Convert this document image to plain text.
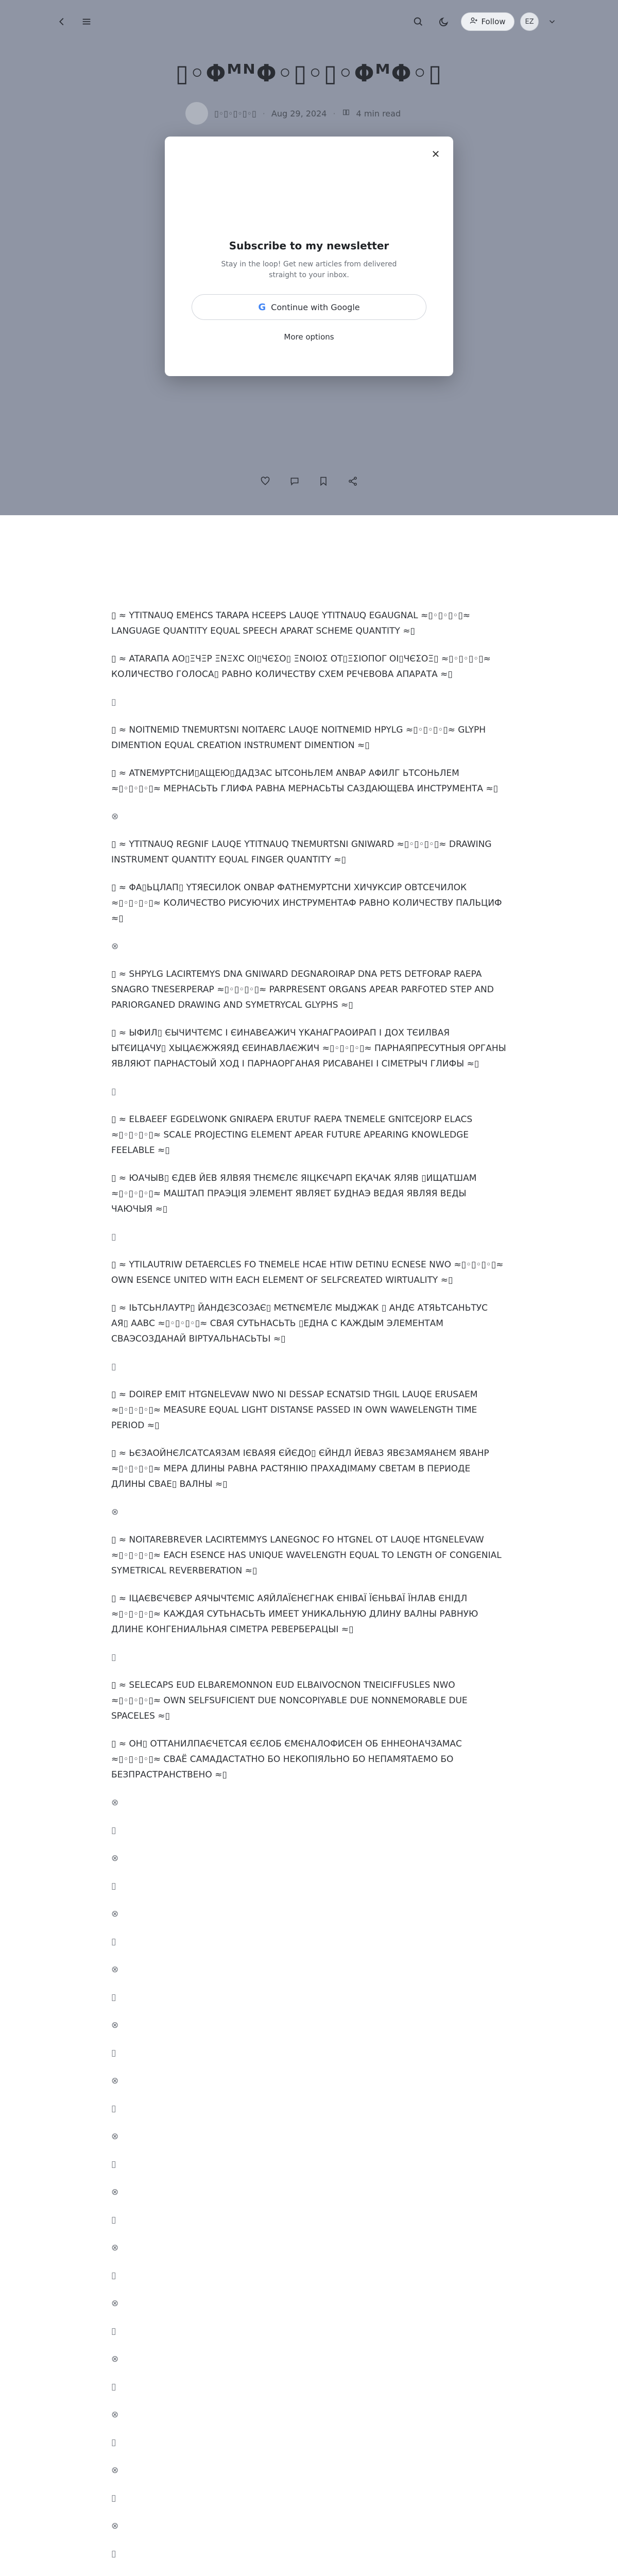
Follow	EZ
▯◦ΦᴹᴺΦ◦▯◦▯◦ΦᴹΦ◦▯
▯◦▯◦▯◦▯◦▯ · Aug 29, 2024 ·	4 min read
✕
Subscribe to my newsletter
Stay in the loop! Get new articles from delivered straight to your inbox.
G Continue with Google
More options

▯ ≈ YTITNAUQ EMEHCS TARAPA HCEEPS LAUQE YTITNAUQ EGAUGNAL ≈▯◦▯◦▯◦▯≈ LANGUAGE QUANTITY EQUAL SPEECH APARAT SCHEME QUANTITY ≈▯

▯ ≈ ATARAПА ΑΟ▯ΞЧΞΡ ΞΝΞΧС ΟΙ▯ЧЄΣΟ▯ ΞΝΟΙΟΣ ΟΤ▯ΞΣΙΟΠΟΓ ΟΙ▯ЧЄΣΟΞ▯ ≈▯◦▯◦▯◦▯≈ КОЛИЧЕСТВО ГОЛОСА▯ РАВНО КОЛИЧЕСТВУ СХЕМ РЕЧЕВОВА АПАРАТА ≈▯

▯

▯ ≈ NOITNEMID TNEMURTSNI NOITAERC LAUQE NOITNEMID HPYLG ≈▯◦▯◦▯◦▯≈ GLYPH DIMENTION EQUAL CREATION INSTRUMENT DIMENTION ≈▯

▯ ≈ ATNEMУРТСНИ▯ΑЩЕЮ▯ДАДЗАС ЫТСОНЬЛЕМ ΑΝΒΑΡ ΑΦИЛГ ЬТСΟНЬЛЕМ ≈▯◦▯◦▯◦▯≈ МЕРНАСЬТЬ ГЛИФА РАВНА МЕРНАСЬТЫ САЗДАЮЩЕВА ИНСТРУМЕНТА ≈▯

⊗

▯ ≈ YTITNAUQ REGNIF LAUQE YTITNAUQ TNEMURTSNI GNIWARD ≈▯◦▯◦▯◦▯≈ DRAWING INSTRUMENT QUANTITY EQUAL FINGER QUANTITY ≈▯

▯ ≈ ΦА▯ЬЦЛАП▯ ΥΤЯЕСИЛОК ΟΝВАР ФАТНЕМУРТСНИ ХИЧУКСИР ΟΒТСЕЧИЛОК ≈▯◦▯◦▯◦▯≈ КОЛИЧЕСТВО РИСУЮЧИХ ИНСТРУМЕНТАФ РАВНО КОЛИЧЕСТВУ ПАЛЬЦИФ ≈▯

⊗

▯ ≈ SHPYLG LACIRTEMYS DNA GNIWARD DEGNAROIRAP DNA PETS DETFORAP RAEPA SNAGRO TNESERPERAP ≈▯◦▯◦▯◦▯≈ PARPRESENT ORGANS APEAR PARFOTED STEP AND PARIORGANED DRAWING AND SYMETRYCAL GLYPHS ≈▯

▯ ≈ ЫФИЛ▯ ЄЫЧИЧТЄМС І ЄИНАВЄАЖИЧ ΥΚАНАГРАОИРАП І ДОХ ΤЄИЛВАЯ ЫТЄИЦАЧУ▯ ХЫЦАЄЖЖЯЯД ЄЕИНАВЛАЄЖИЧ ≈▯◦▯◦▯◦▯≈ ПАРНАЯПРЕСУТНЫЯ ОРГАНЫ ЯВЛЯЮТ ПАРНАСТОЫЙ ХОД І ПАРНАОРГАНАЯ РИСАВАНЕІ І СІМЕТРЫЧ ГЛИФЫ ≈▯

▯

▯ ≈ ELBAEEF EGDELWONK GNIRAEPA ERUTUF RAEPA TNEMELE GNITCEJORP ELACS ≈▯◦▯◦▯◦▯≈ SCALE PROJECTING ELEMENT APEAR FUTURE APEARING KNOWLEDGE FEELABLE ≈▯

▯ ≈ ЮАЧЫВ▯ ЄДЕВ ЙЕВ ЯЛВЯЯ ΤНЄМЄЛЄ ЯІЦКЄЧАРП ЕҚАЧАК ЯЛЯВ ▯ИЩАТШАМ ≈▯◦▯◦▯◦▯≈ МАШТАП ПРАЭЦІЯ ЭЛЕМЕНТ ЯВЛЯЕТ БУДНАЭ ВЕДАЯ ЯВЛЯЯ ВЕДЫ ЧАЮЧЫЯ ≈▯

▯

▯ ≈ YTILAUTRIW DETAERCLES FO TNEMELE HCAE HTIW DETINU ECNESE NWO ≈▯◦▯◦▯◦▯≈ OWN ESENCE UNITED WITH EACH ELEMENT OF SELFCREATED WIRTUALITY ≈▯

▯ ≈ ІЬТСЬНЛАУТР▯ ЙАНДЄЗСОЗАЄ▯ ΜЄΤΝЄΜΈЛЄ ΜЫДЖАК ▯ ΑНДЄ ΑΤЯЬТСΑНЬΤУС ΑЯ▯ ΑΑΒС ≈▯◦▯◦▯◦▯≈ СВАЯ СУТЬНАСЬТЬ ▯ЕДНА С КАЖДЫМ ЭЛЕМЕНТАМ СВАЭСОЗДАНАЙ ВІРТУАЛЬНАСЬТЬІ ≈▯

▯

▯ ≈ DOIREP EMIT HTGNELEVAW NWO NI DESSAP ECNATSID THGIL LAUQE ERUSAEM ≈▯◦▯◦▯◦▯≈ MEASURE EQUAL LIGHT DISTANSE PASSED IN OWN WAWELENGTH TIME PERIOD ≈▯

▯ ≈ ЬЄЗАОЙНЄЛСАТСАЯЗАМ ІЄВАЯЯ ЄЙЄДО▯ ЄЙНДЛ ЙЕВАЗ ЯВЄЗАМЯАНЄМ ЯВАНР ≈▯◦▯◦▯◦▯≈ МЕРА ДЛИНЫ РАВНА РАСТЯНІЮ ПРАХАДІМАМУ СВЕТАМ В ПЕРИОДЕ ДЛИНЫ СВАЕ▯ ВАЛНЫ ≈▯

⊗

▯ ≈ NOITAREBREVER LACIRTEMMYS LANEGNOC FO HTGNEL OT LAUQE HTGNELEVAW ≈▯◦▯◦▯◦▯≈ EACH ESENCE HAS UNIQUE WAVELENGTH EQUAL TO LENGTH OF CONGENIAL SYMETRICAL REVERBERATION ≈▯

▯ ≈ ІЦАЄВЄЧЄВЄР ΑЯЧЫЧТЄМІС ΑЯЙЛАЇЄНЄГНАК ЄНІВАЇ ЇЄНЬВАЇ ЇНЛАВ ЄНІДЛ ≈▯◦▯◦▯◦▯≈ КАЖДАЯ СУТЬНАСЬТЬ ИМЕЕТ УНИКАЛЬНУЮ ДЛИНУ ВАЛНЫ РАВНУЮ ДЛИНЕ КОНГЕНИАЛЬНАЯ СІМЕТРА РЕВЕРБЕРАЦЫІ ≈▯

▯

▯ ≈ SELECAPS EUD ELBAREMONNON EUD ELBAIVOCNON TNEICIFFUSLES NWO ≈▯◦▯◦▯◦▯≈ OWN SELFSUFICIENT DUE NONCOPIYABLE DUE NONNEMORABLE DUE SPACELES ≈▯

▯ ≈ ОН▯ ОТТАНИЛПАЄЧЕТСАЯ ЄЄЛОБ ЄМЄНАЛОФИСЕН ОБ ЕННЕОНАЧЗАМАС ≈▯◦▯◦▯◦▯≈ СВАЁ САМАДАСТАТНО БО НЕКОПІЯЛЬНО БО НЕПАМЯТАЕМО БО БЕЗПРАСТРАНСТВЕНО ≈▯

⊗

▯

⊗

▯

⊗

▯

⊗

▯

⊗

▯

⊗

▯

⊗

▯

⊗

▯

⊗

▯

⊗

▯

⊗

▯

⊗

▯

⊗

▯

⊗

▯
